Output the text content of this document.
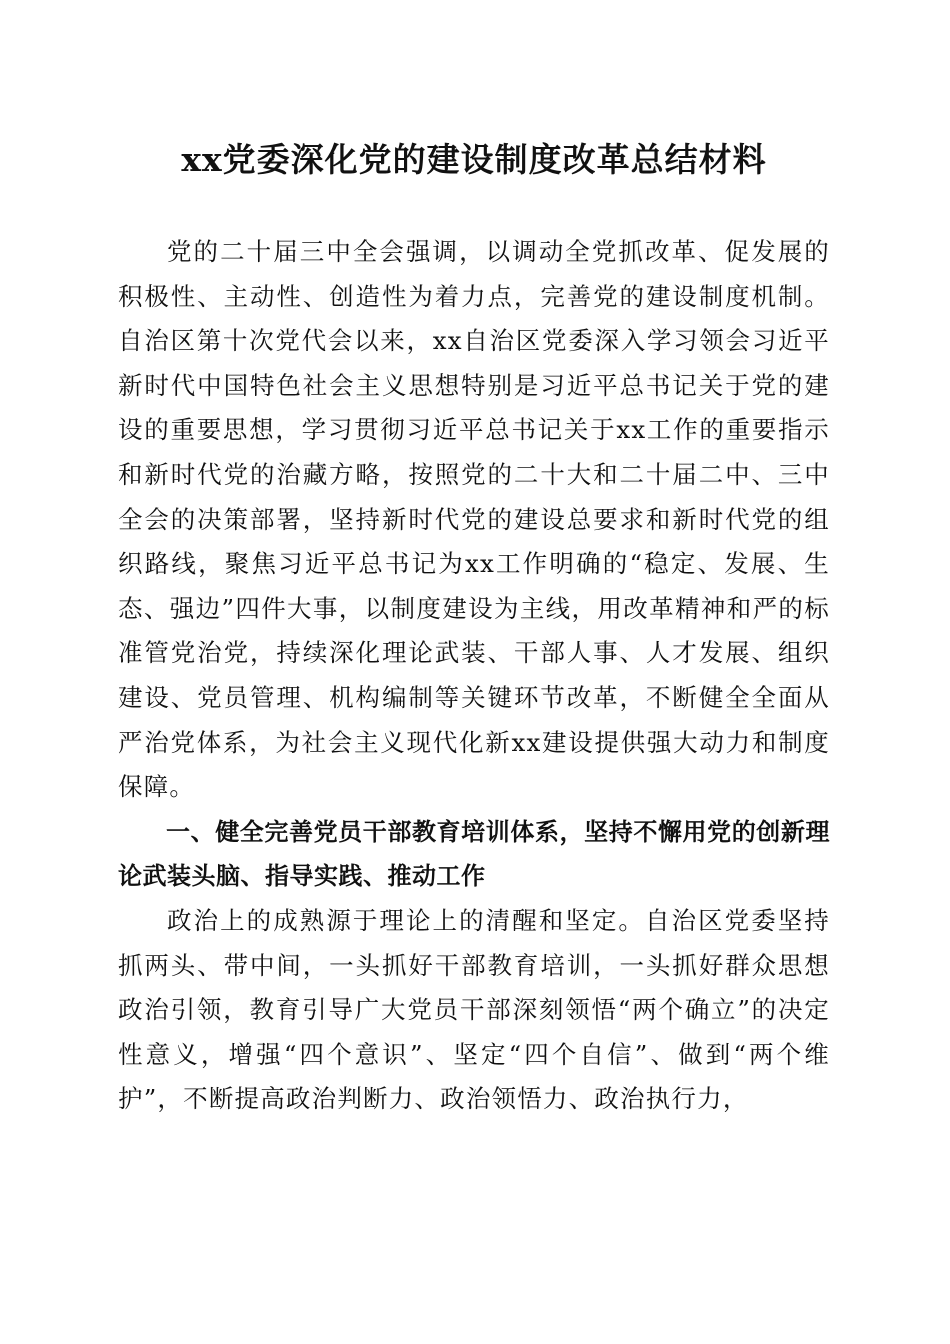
xx党委深化党的建设制度改革总结材料

党的二十届三中全会强调，以调动全党抓改革、促发展的积极性、主动性、创造性为着力点，完善党的建设制度机制。自治区第十次党代会以来，xx自治区党委深入学习领会习近平新时代中国特色社会主义思想特别是习近平总书记关于党的建设的重要思想，学习贯彻习近平总书记关于xx工作的重要指示和新时代党的治藏方略，按照党的二十大和二十届二中、三中全会的决策部署，坚持新时代党的建设总要求和新时代党的组织路线，聚焦习近平总书记为xx工作明确的“稳定、发展、生态、强边”四件大事，以制度建设为主线，用改革精神和严的标准管党治党，持续深化理论武装、干部人事、人才发展、组织建设、党员管理、机构编制等关键环节改革，不断健全全面从严治党体系，为社会主义现代化新xx建设提供强大动力和制度保障。

一、健全完善党员干部教育培训体系，坚持不懈用党的创新理论武装头脑、指导实践、推动工作

政治上的成熟源于理论上的清醒和坚定。自治区党委坚持抓两头、带中间，一头抓好干部教育培训，一头抓好群众思想政治引领，教育引导广大党员干部深刻领悟“两个确立”的决定性意义，增强“四个意识”、坚定“四个自信”、做到“两个维护”，不断提高政治判断力、政治领悟力、政治执行力，
